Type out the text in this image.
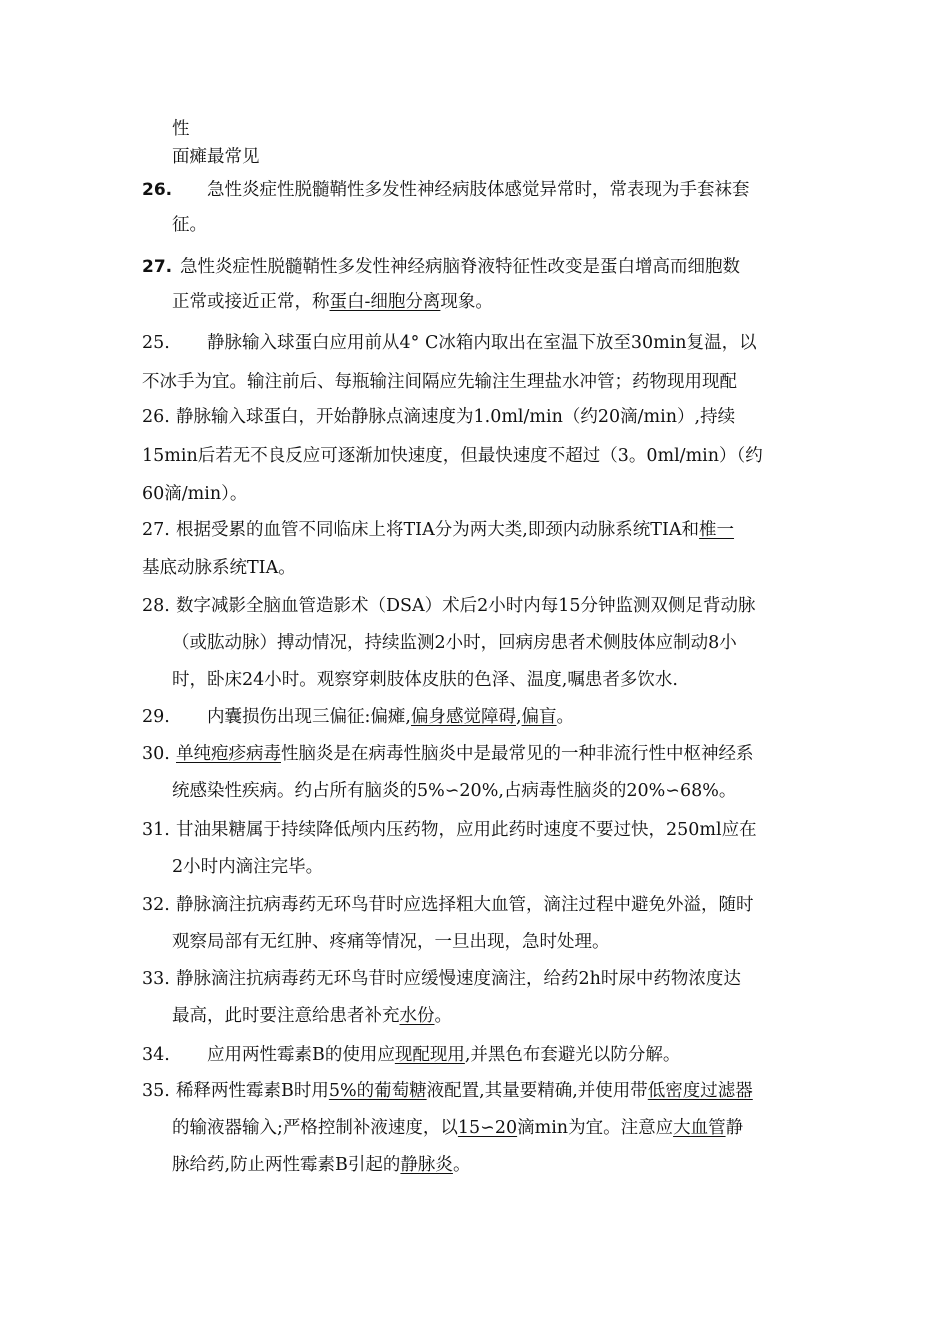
性
面瘫最常见
26. 急性炎症性脱髓鞘性多发性神经病肢体感觉异常时，常表现为手套袜套
征。
27. 急性炎症性脱髓鞘性多发性神经病脑脊液特征性改变是蛋白增高而细胞数
正常或接近正常，称蛋白-细胞分离现象。
25. 静脉输入球蛋白应用前从4° C冰箱内取出在室温下放至30min复温，以
不冰手为宜。输注前后、每瓶输注间隔应先输注生理盐水冲管；药物现用现配
26. 静脉输入球蛋白，开始静脉点滴速度为1.0ml/min（约20滴/min）,持续
15min后若无不良反应可逐渐加快速度，但最快速度不超过（3。0ml/min）（约
60滴/min）。
27. 根据受累的血管不同临床上将TIA分为两大类,即颈内动脉系统TIA和椎一
基底动脉系统TIA。
28. 数字减影全脑血管造影术（DSA）术后2小时内每15分钟监测双侧足背动脉
（或肱动脉）搏动情况，持续监测2小时，回病房患者术侧肢体应制动8小
时，卧床24小时。观察穿刺肢体皮肤的色泽、温度,嘱患者多饮水.
29. 内囊损伤出现三偏征:偏瘫,偏身感觉障碍,偏盲。
30. 单纯疱疹病毒性脑炎是在病毒性脑炎中是最常见的一种非流行性中枢神经系
统感染性疾病。约占所有脑炎的5%∽20%,占病毒性脑炎的20%∽68%。
31. 甘油果糖属于持续降低颅内压药物，应用此药时速度不要过快，250ml应在
2小时内滴注完毕。
32. 静脉滴注抗病毒药无环鸟苷时应选择粗大血管，滴注过程中避免外溢，随时
观察局部有无红肿、疼痛等情况，一旦出现，急时处理。
33. 静脉滴注抗病毒药无环鸟苷时应缓慢速度滴注，给药2h时尿中药物浓度达
最高，此时要注意给患者补充水份。
34. 应用两性霉素B的使用应现配现用,并黑色布套避光以防分解。
35. 稀释两性霉素B时用5%的葡萄糖液配置,其量要精确,并使用带低密度过滤器
的输液器输入;严格控制补液速度，以15∽20滴min为宜。注意应大血管静
脉给药,防止两性霉素B引起的静脉炎。
